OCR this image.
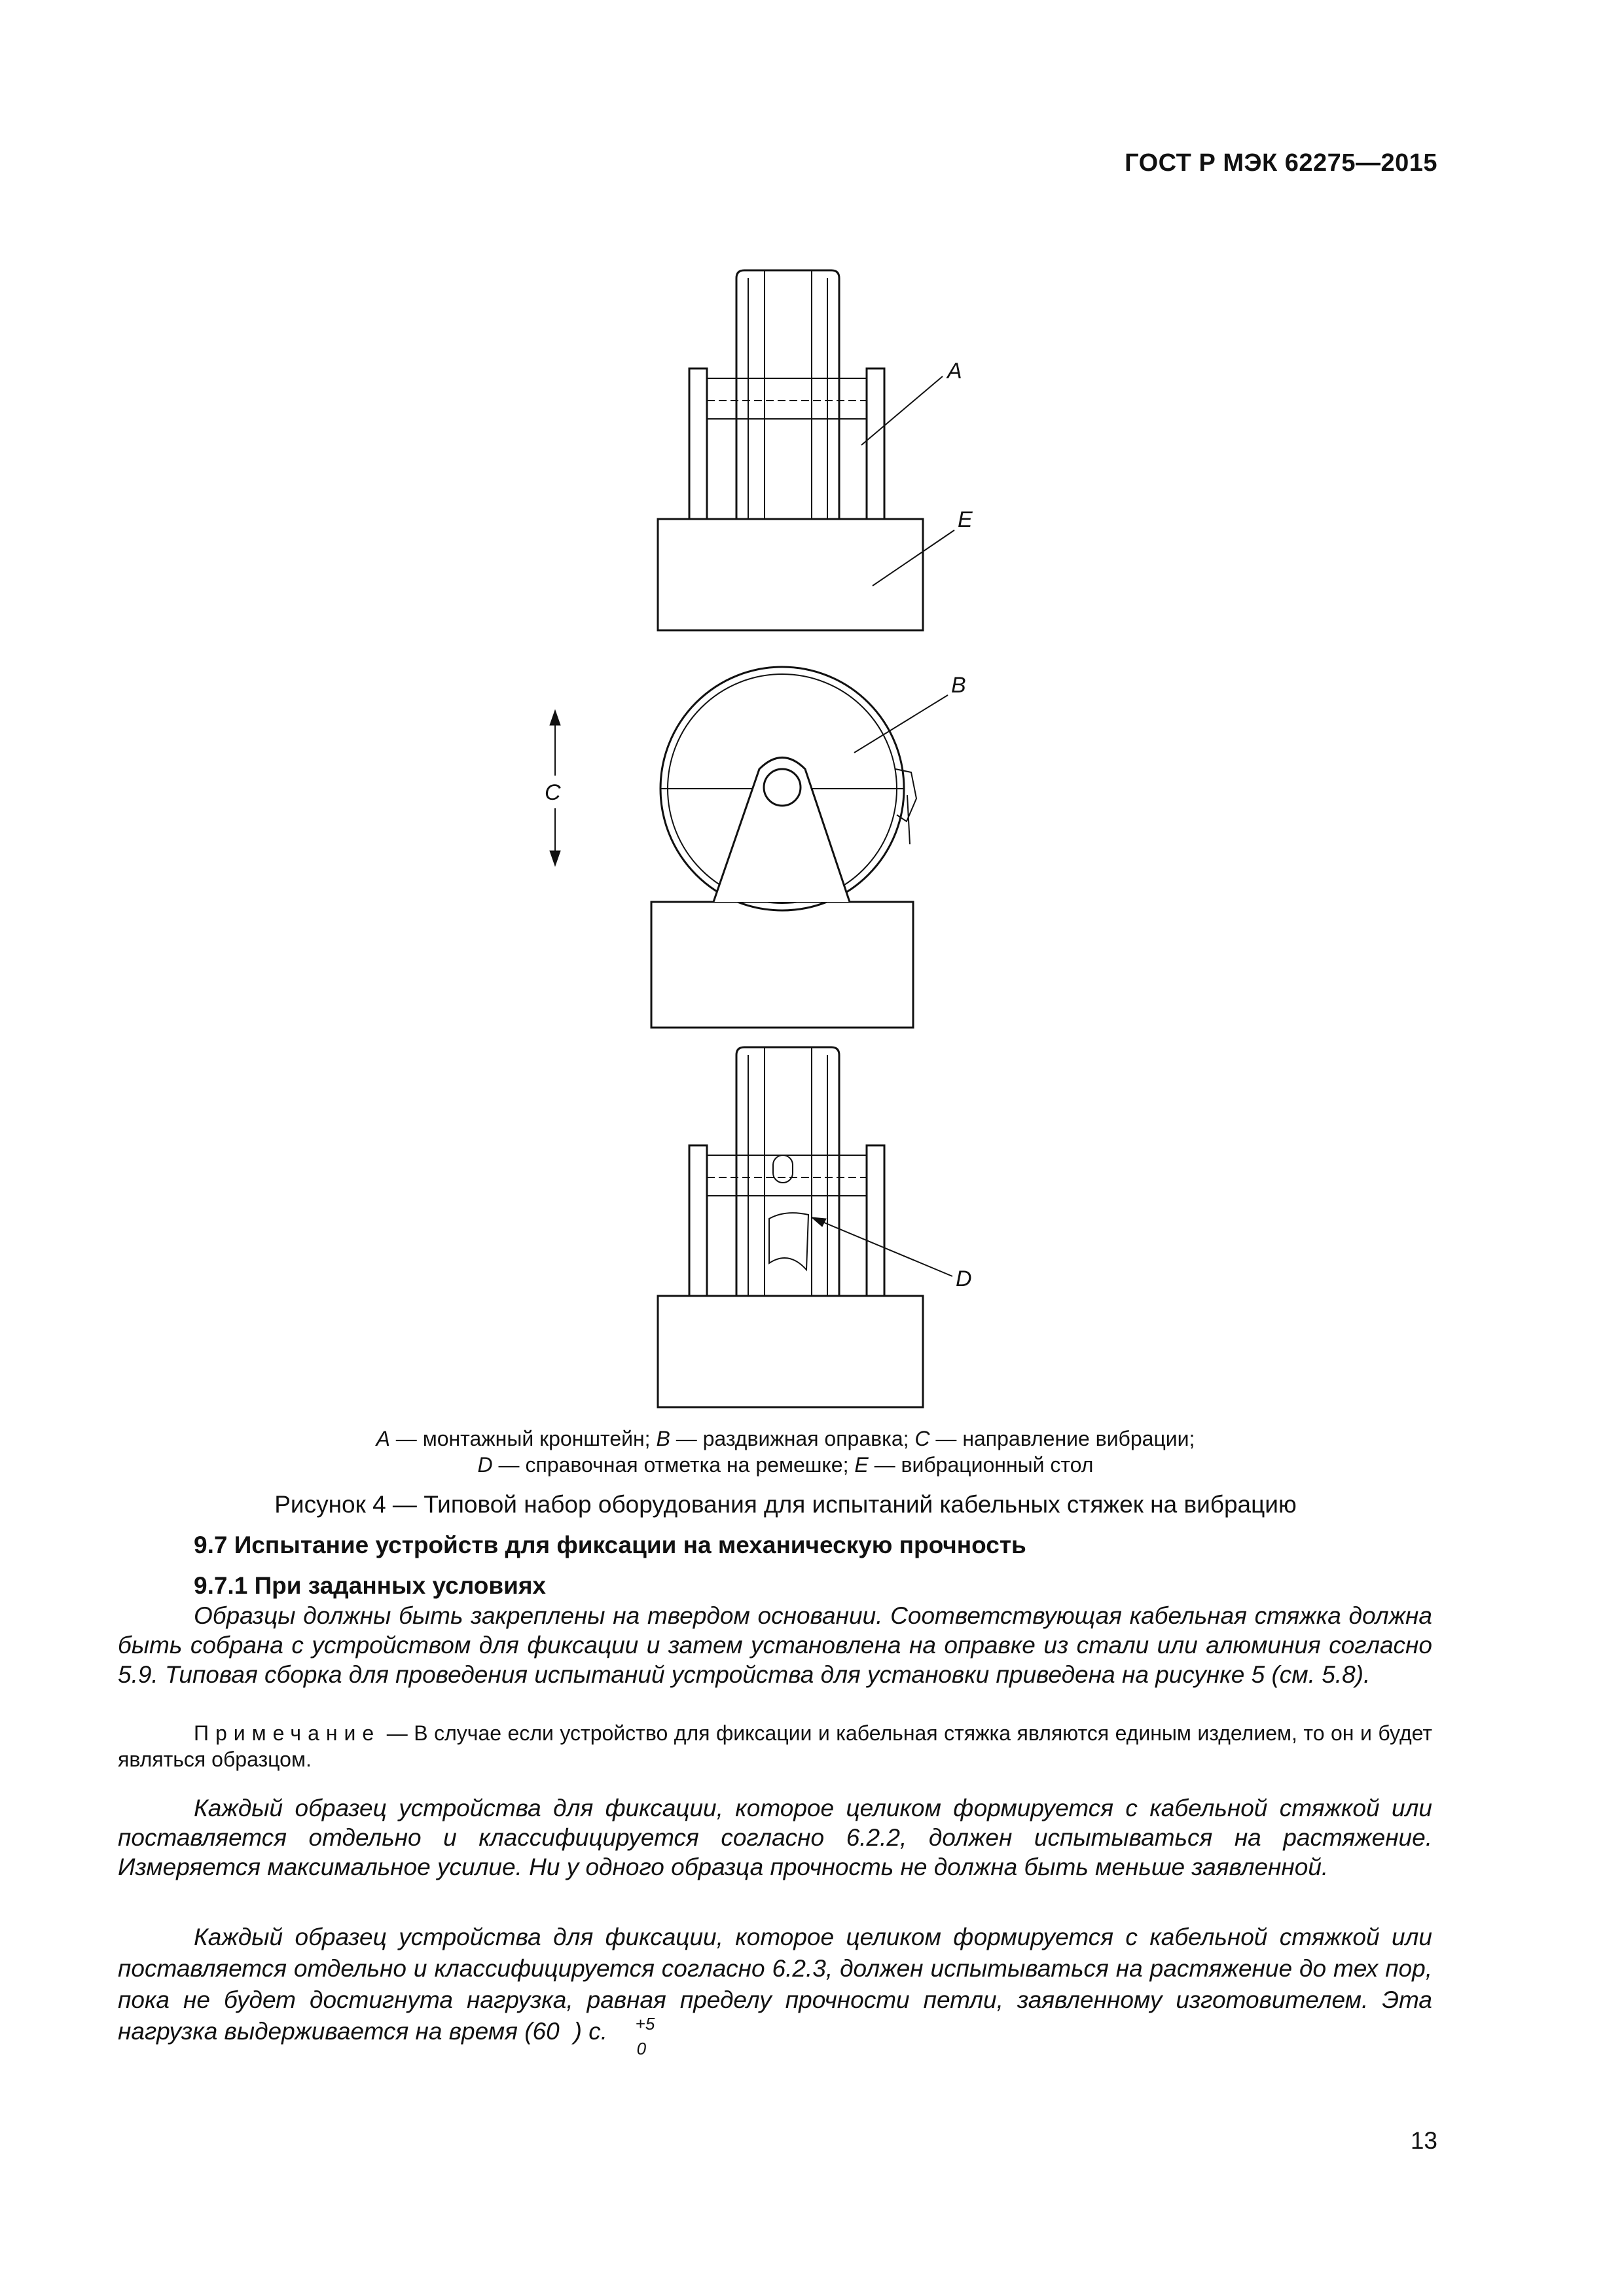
ГОСТ Р МЭК 62275—2015
A
E
B
C
D
A — монтажный кронштейн; B — раздвижная оправка; C — направление вибрации;
D — справочная отметка на ремешке; E — вибрационный стол
Рисунок 4 — Типовой набор оборудования для испытаний кабельных стяжек на вибрацию
9.7 Испытание устройств для фиксации на механическую прочность
9.7.1 При заданных условиях
Образцы должны быть закреплены на твердом основании. Соответствующая кабельная стяжка должна быть собрана с устройством для фиксации и затем установлена на оправке из стали или алюминия согласно 5.9. Типовая сборка для проведения испытаний устройства для установки приведена на рисунке 5 (см. 5.8).
Примечание — В случае если устройство для фиксации и кабельная стяжка являются единым изделием, то он и будет являться образцом.
Каждый образец устройства для фиксации, которое целиком формируется с кабельной стяжкой или поставляется отдельно и классифицируется согласно 6.2.2, должен испытываться на растяжение. Измеряется максимальное усилие. Ни у одного образца прочность не должна быть меньше заявленной.
Каждый образец устройства для фиксации, которое целиком формируется с кабельной стяжкой или поставляется отдельно и классифицируется согласно 6.2.3, должен испытываться на растяжение до тех пор, пока не будет достигнута нагрузка, равная пределу прочности петли, заявленному изготовителем. Эта нагрузка выдерживается на время (60	+5
0
) с.
13
